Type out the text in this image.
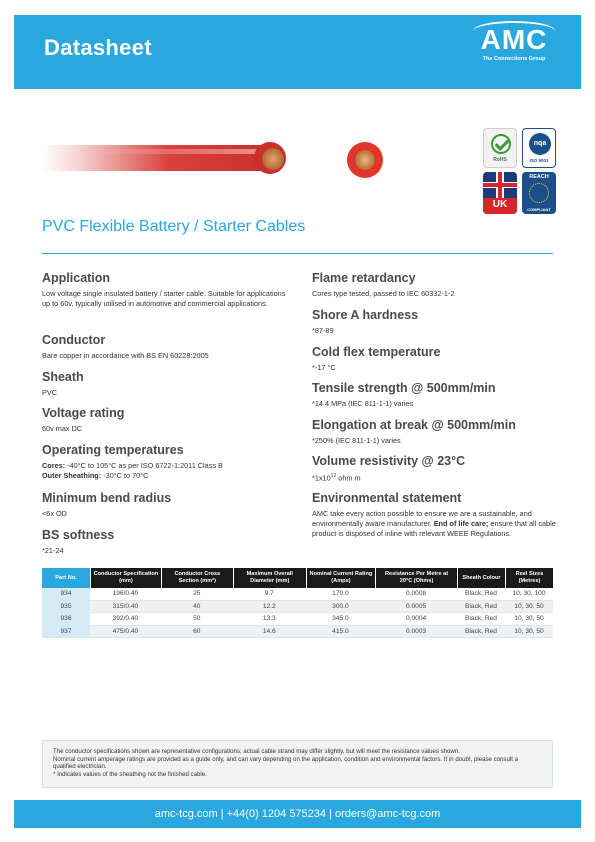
Datasheet	AMC
The Connections Group
RoHS
nqa
ISO 9001
UK
REACH
COMPLIANT
PVC Flexible Battery / Starter Cables
Application

Low voltage single insulated battery / starter cable. Suitable for applications up to 60v, typically utilised in automotive and commercial applications.

Conductor

Bare copper in accordance with BS EN 60228:2005

Sheath

PVC

Voltage rating

60v max DC

Operating temperatures

Cores: -40°C to 105°C as per ISO 6722-1:2011 Class B
Outer Sheathing: -30°C to 70°C

Minimum bend radius

<6x OD

BS softness

*21-24

Flame retardancy

Cores type tested, passed to IEC 60332-1-2

Shore A hardness

*87-89

Cold flex temperature

*-17 °C

Tensile strength @ 500mm/min

*14.4 MPa (IEC 811-1-1) varies

Elongation at break @ 500mm/min

*250% (IEC 811-1-1) varies

Volume resistivity @ 23°C

$*1x10^{12}$ ohm m

Environmental statement

AMC take every action possible to ensure we are a sustainable, and environmentally aware manufacturer. End of life care; ensure that all cable product is disposed of inline with relevant WEEE Regulations.

Part No.	Conductor Specification (mm)	Conductor Cross Section (mm²)	Maximum Overall Diameter (mm)	Nominal Current Rating (Amps)	Resistance Per Metre at 20°C (Ohms)	Sheath Colour	Reel Sizes (Metres)
934	196/0.40	25	9.7	170.0	0.0008	Black, Red	10, 30, 100
935	315/0.40	40	12.2	300.0	0.0005	Black, Red	10, 30, 50
936	392/0.40	50	13.3	345.0	0.0004	Black, Red	10, 30, 50
937	475/0.40	60	14.6	415.0	0.0003	Black, Red	10, 30, 50

The conductor specifications shown are representative configurations; actual cable strand may differ slightly, but will meet the resistance values shown.

Nominal current amperage ratings are provided as a guide only, and can vary depending on the application, condition and environmental factors. If in doubt, please consult a qualified electrician.

* Indicates values of the sheathing not the finished cable.

amc-tcg.com | +44(0) 1204 575234 | orders@amc-tcg.com
